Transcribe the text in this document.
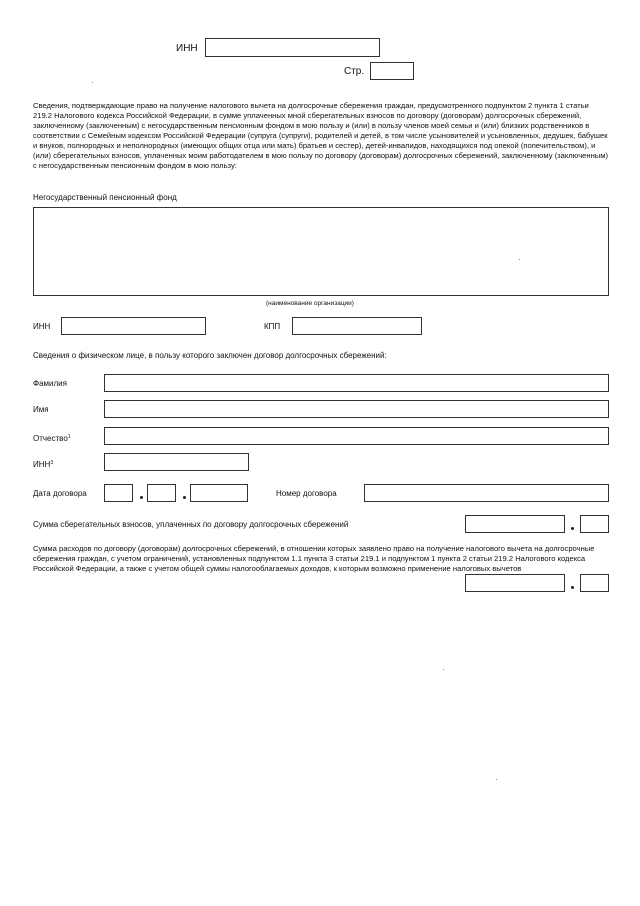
ИНН
Стр.
Сведения, подтверждающие право на получение налогового вычета на долгосрочные сбережения граждан, предусмотренного подпунктом 2 пункта 1 статьи 219.2 Налогового кодекса Российской Федерации, в сумме уплаченных мной сберегательных взносов по договору (договорам) долгосрочных сбережений, заключенному (заключенным) с негосударственным пенсионным фондом в мою пользу и (или) в пользу членов моей семьи и (или) близких родственников в соответствии с Семейным кодексом Российской Федерации (супруга (супруги), родителей и детей, в том числе усыновителей и усыновленных, дедушек, бабушек и внуков, полнородных и неполнородных (имеющих общих отца или мать) братьев и сестер), детей-инвалидов, находящихся под опекой (попечительством), и (или) сберегательных взносов, уплаченных моим работодателем в мою пользу по договору (договорам) долгосрочных сбережений, заключенному (заключенным) с негосударственным пенсионным фондом в мою пользу:
Негосударственный пенсионный фонд
(наименование организации)
ИНН	КПП
Сведения о физическом лице, в пользу которого заключен договор долгосрочных сбережений:
Фамилия
Имя
Отчество$^1$
ИНН$^3$
Дата договора	Номер договора
Сумма сберегательных взносов, уплаченных по договору долгосрочных сбережений
Сумма расходов по договору (договорам) долгосрочных сбережений, в отношении которых заявлено право на получение налогового вычета на долгосрочные сбережения граждан, с учетом ограничений, установленных подпунктом 1.1 пункта 3 статьи 219.1 и подпунктом 1 пункта 2 статьи 219.2 Налогового кодекса Российской Федерации, а также с учетом общей суммы налогооблагаемых доходов, к которым возможно применение налоговых вычетов
